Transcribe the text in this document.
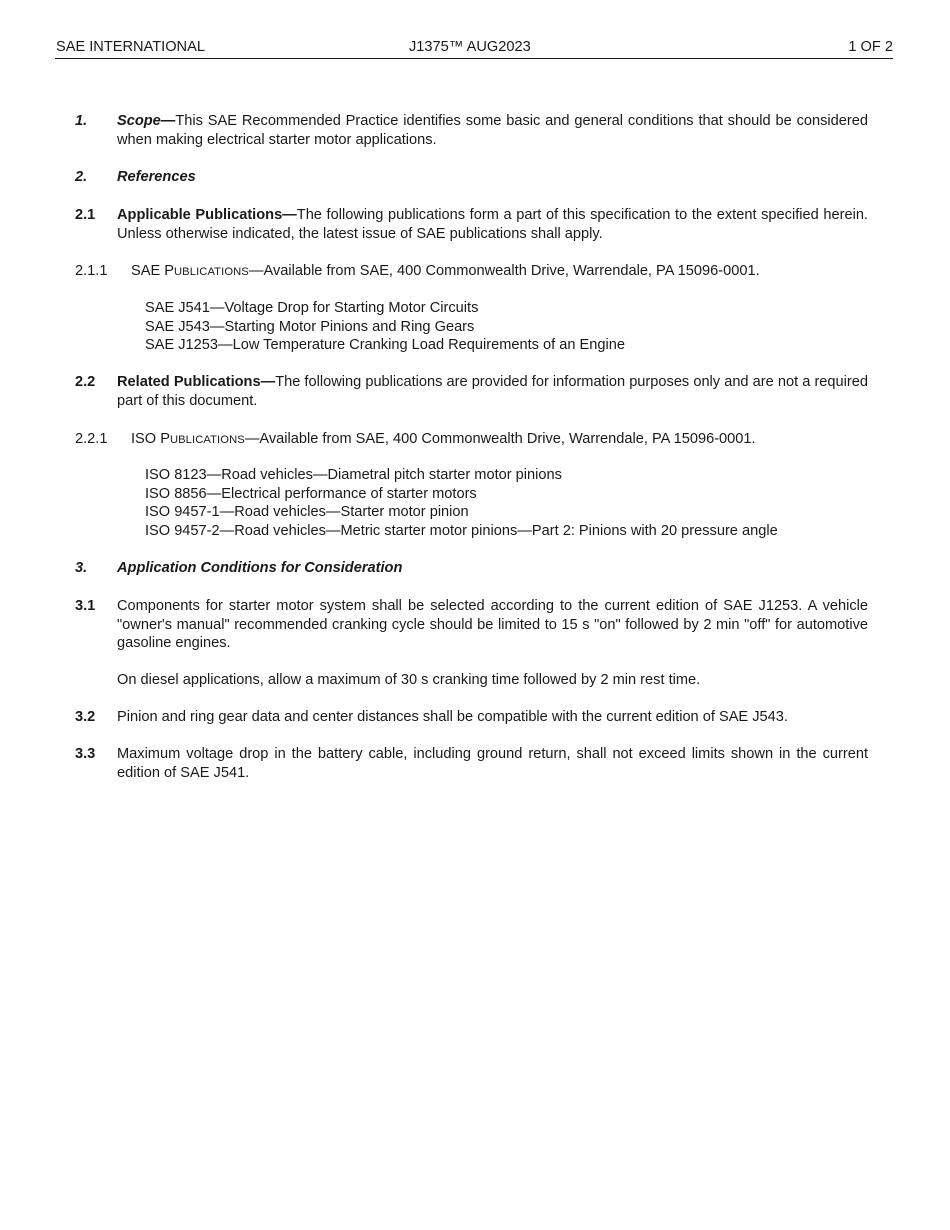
SAE INTERNATIONAL	J1375™ AUG2023	1 OF 2
1. Scope—This SAE Recommended Practice identifies some basic and general conditions that should be considered when making electrical starter motor applications.
2. References
2.1 Applicable Publications—The following publications form a part of this specification to the extent specified herein. Unless otherwise indicated, the latest issue of SAE publications shall apply.
2.1.1 SAE PUBLICATIONS—Available from SAE, 400 Commonwealth Drive, Warrendale, PA 15096-0001.
SAE J541—Voltage Drop for Starting Motor Circuits
SAE J543—Starting Motor Pinions and Ring Gears
SAE J1253—Low Temperature Cranking Load Requirements of an Engine
2.2 Related Publications—The following publications are provided for information purposes only and are not a required part of this document.
2.2.1 ISO PUBLICATIONS—Available from SAE, 400 Commonwealth Drive, Warrendale, PA 15096-0001.
ISO 8123—Road vehicles—Diametral pitch starter motor pinions
ISO 8856—Electrical performance of starter motors
ISO 9457-1—Road vehicles—Starter motor pinion
ISO 9457-2—Road vehicles—Metric starter motor pinions—Part 2: Pinions with 20 pressure angle
3. Application Conditions for Consideration
3.1 Components for starter motor system shall be selected according to the current edition of SAE J1253. A vehicle "owner's manual" recommended cranking cycle should be limited to 15 s "on" followed by 2 min "off" for automotive gasoline engines.
On diesel applications, allow a maximum of 30 s cranking time followed by 2 min rest time.
3.2 Pinion and ring gear data and center distances shall be compatible with the current edition of SAE J543.
3.3 Maximum voltage drop in the battery cable, including ground return, shall not exceed limits shown in the current edition of SAE J541.
